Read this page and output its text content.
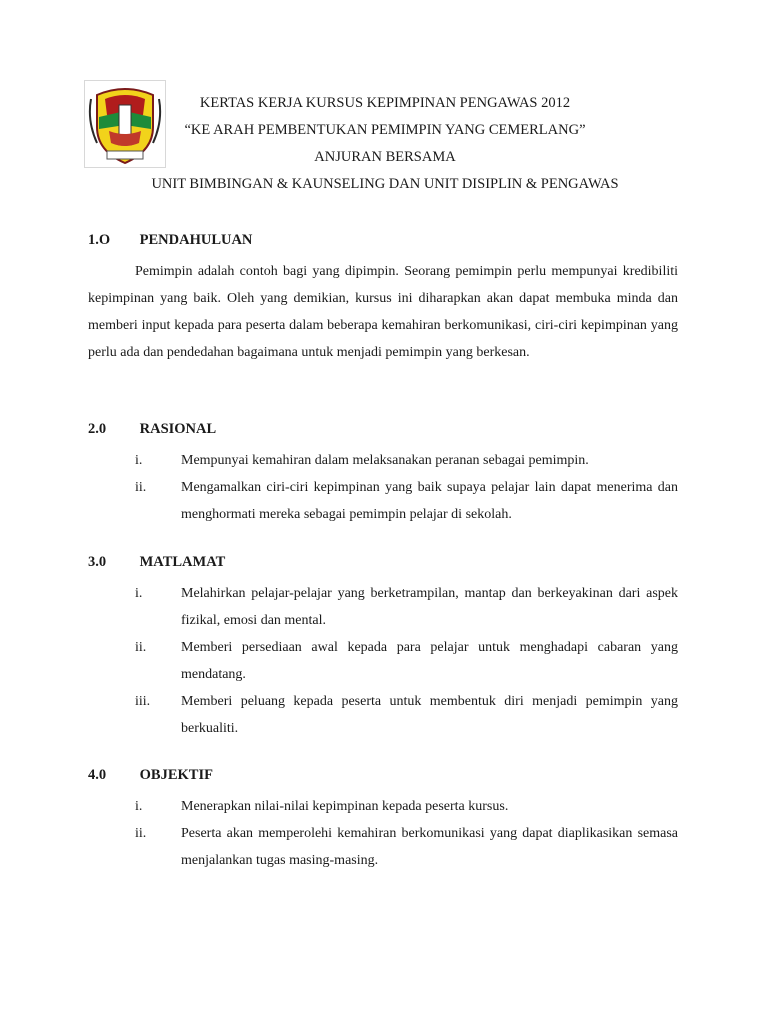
KERTAS KERJA KURSUS KEPIMPINAN PENGAWAS 2012
“KE ARAH PEMBENTUKAN PEMIMPIN YANG CEMERLANG”
ANJURAN BERSAMA
UNIT BIMBINGAN & KAUNSELING DAN UNIT DISIPLIN & PENGAWAS
1.O PENDAHULUAN
Pemimpin adalah contoh bagi yang dipimpin. Seorang pemimpin perlu mempunyai kredibiliti kepimpinan yang baik. Oleh yang demikian, kursus ini diharapkan akan dapat membuka minda dan memberi input kepada para peserta dalam beberapa kemahiran berkomunikasi, ciri-ciri kepimpinan yang perlu ada dan pendedahan bagaimana untuk menjadi pemimpin yang berkesan.
2.0 RASIONAL
i.	Mempunyai kemahiran dalam melaksanakan peranan sebagai pemimpin.
ii.	Mengamalkan ciri-ciri kepimpinan yang baik supaya pelajar lain dapat menerima dan menghormati mereka sebagai pemimpin pelajar di sekolah.
3.0 MATLAMAT
i.	Melahirkan pelajar-pelajar yang berketrampilan, mantap dan berkeyakinan dari aspek fizikal, emosi dan mental.
ii.	Memberi persediaan awal kepada para pelajar untuk menghadapi cabaran yang mendatang.
iii.	Memberi peluang kepada peserta untuk membentuk diri menjadi pemimpin yang berkualiti.
4.0 OBJEKTIF
i.	Menerapkan nilai-nilai kepimpinan kepada peserta kursus.
ii.	Peserta akan memperolehi kemahiran berkomunikasi yang dapat diaplikasikan semasa menjalankan tugas masing-masing.
